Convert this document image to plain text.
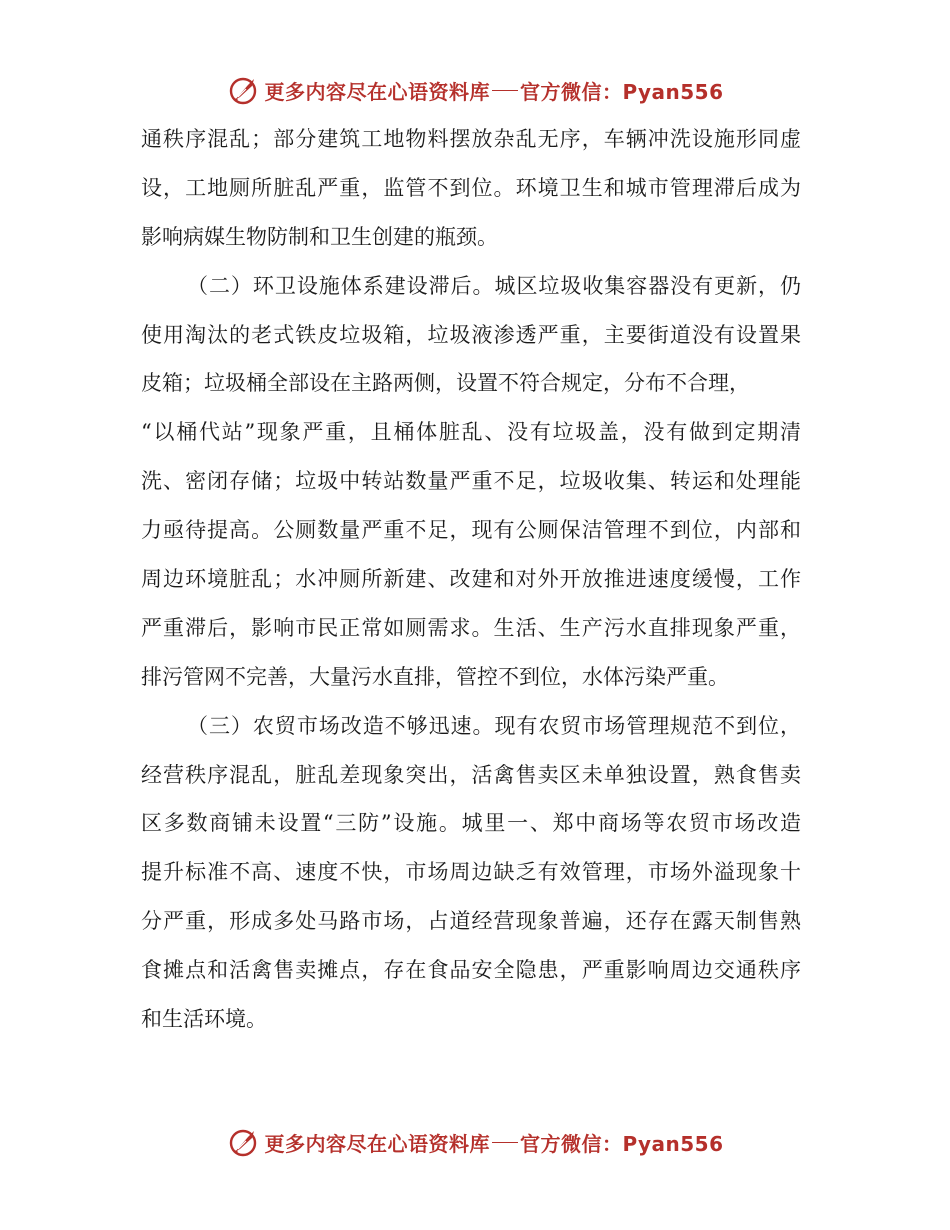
更多内容尽在心语资料库 官方微信：Pyan556
通秩序混乱；部分建筑工地物料摆放杂乱无序，车辆冲洗设施形同虚
设，工地厕所脏乱严重，监管不到位。环境卫生和城市管理滞后成为
影响病媒生物防制和卫生创建的瓶颈。
（二）环卫设施体系建设滞后。城区垃圾收集容器没有更新，仍
使用淘汰的老式铁皮垃圾箱，垃圾液渗透严重，主要街道没有设置果
皮箱；垃圾桶全部设在主路两侧，设置不符合规定，分布不合理，
“以桶代站”现象严重，且桶体脏乱、没有垃圾盖，没有做到定期清
洗、密闭存储；垃圾中转站数量严重不足，垃圾收集、转运和处理能
力亟待提高。公厕数量严重不足，现有公厕保洁管理不到位，内部和
周边环境脏乱；水冲厕所新建、改建和对外开放推进速度缓慢，工作
严重滞后，影响市民正常如厕需求。生活、生产污水直排现象严重，
排污管网不完善，大量污水直排，管控不到位，水体污染严重。
（三）农贸市场改造不够迅速。现有农贸市场管理规范不到位，
经营秩序混乱，脏乱差现象突出，活禽售卖区未单独设置，熟食售卖
区多数商铺未设置“三防”设施。城里一、郑中商场等农贸市场改造
提升标准不高、速度不快，市场周边缺乏有效管理，市场外溢现象十
分严重，形成多处马路市场，占道经营现象普遍，还存在露天制售熟
食摊点和活禽售卖摊点，存在食品安全隐患，严重影响周边交通秩序
和生活环境。
更多内容尽在心语资料库 官方微信：Pyan556
